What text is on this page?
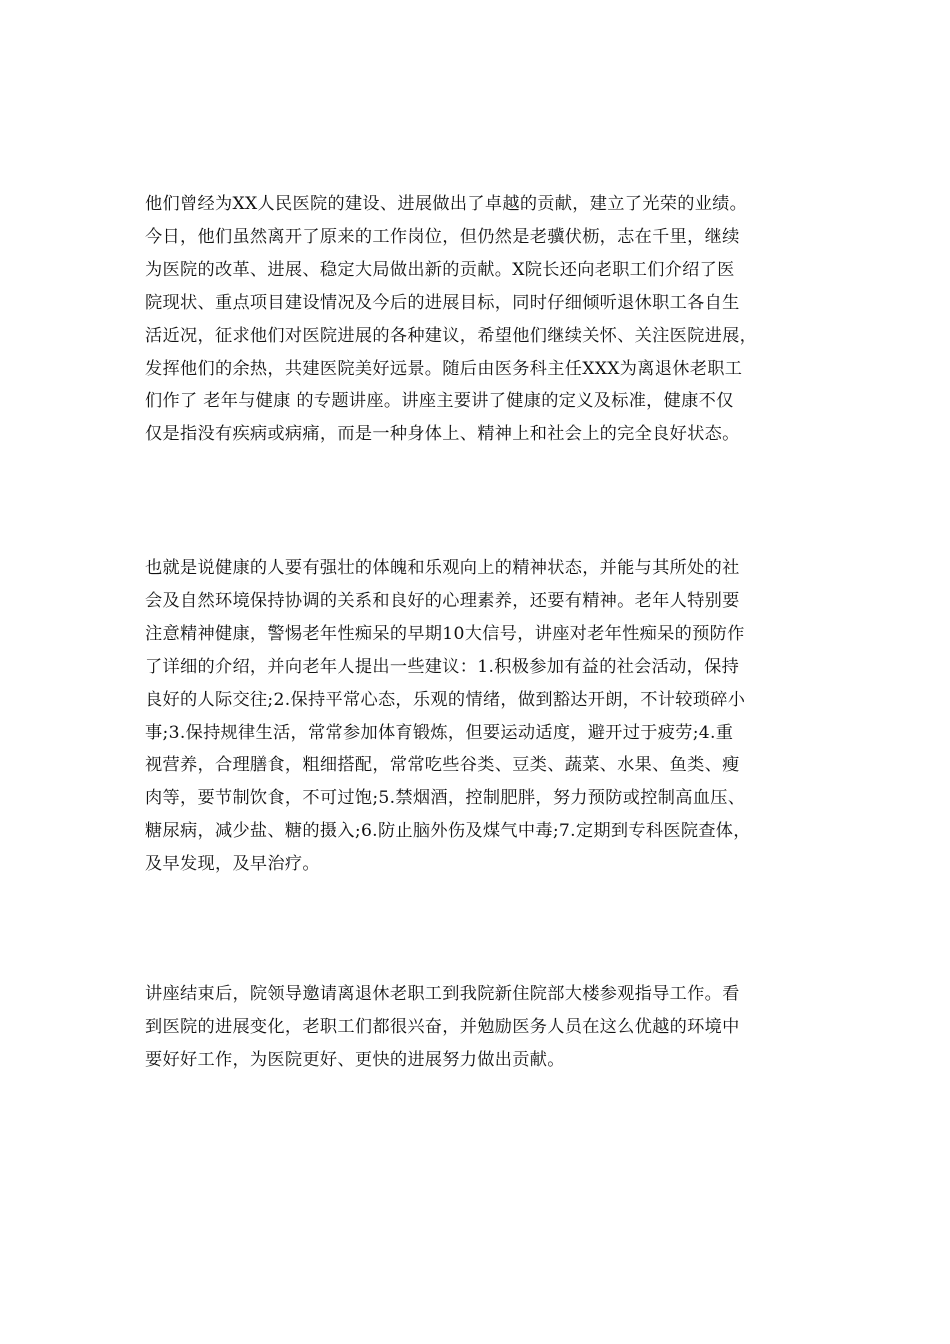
他们曾经为XX人民医院的建设、进展做出了卓越的贡献，建立了光荣的业绩。
今日，他们虽然离开了原来的工作岗位，但仍然是老骥伏枥，志在千里，继续
为医院的改革、进展、稳定大局做出新的贡献。X院长还向老职工们介绍了医
院现状、重点项目建设情况及今后的进展目标，同时仔细倾听退休职工各自生
活近况，征求他们对医院进展的各种建议，希望他们继续关怀、关注医院进展，
发挥他们的余热，共建医院美好远景。随后由医务科主任XXX为离退休老职工
们作了 老年与健康 的专题讲座。讲座主要讲了健康的定义及标准，健康不仅
仅是指没有疾病或病痛，而是一种身体上、精神上和社会上的完全良好状态。

也就是说健康的人要有强壮的体魄和乐观向上的精神状态，并能与其所处的社
会及自然环境保持协调的关系和良好的心理素养，还要有精神。老年人特别要
注意精神健康，警惕老年性痴呆的早期10大信号，讲座对老年性痴呆的预防作
了详细的介绍，并向老年人提出一些建议：1.积极参加有益的社会活动，保持
良好的人际交往;2.保持平常心态，乐观的情绪，做到豁达开朗，不计较琐碎小
事;3.保持规律生活，常常参加体育锻炼，但要运动适度，避开过于疲劳;4.重
视营养，合理膳食，粗细搭配，常常吃些谷类、豆类、蔬菜、水果、鱼类、瘦
肉等，要节制饮食，不可过饱;5.禁烟酒，控制肥胖，努力预防或控制高血压、
糖尿病，减少盐、糖的摄入;6.防止脑外伤及煤气中毒;7.定期到专科医院查体，
及早发现，及早治疗。

讲座结束后，院领导邀请离退休老职工到我院新住院部大楼参观指导工作。看
到医院的进展变化，老职工们都很兴奋，并勉励医务人员在这么优越的环境中
要好好工作，为医院更好、更快的进展努力做出贡献。
